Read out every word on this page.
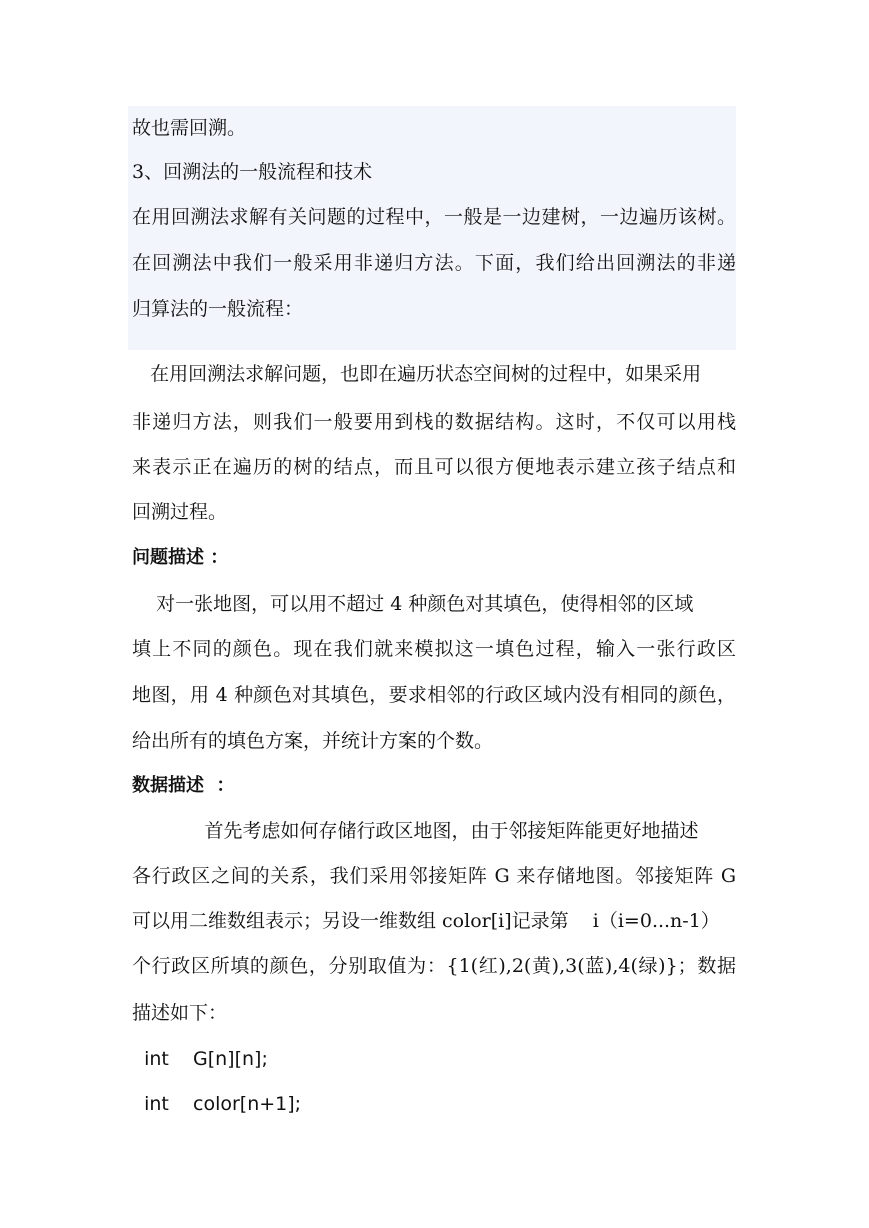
故也需回溯。
3、回溯法的一般流程和技术
在用回溯法求解有关问题的过程中，一般是一边建树，一边遍历该树。
在回溯法中我们一般采用非递归方法。下面，我们给出回溯法的非递
归算法的一般流程：
在用回溯法求解问题，也即在遍历状态空间树的过程中，如果采用
非递归方法，则我们一般要用到栈的数据结构。这时，不仅可以用栈
来表示正在遍历的树的结点，而且可以很方便地表示建立孩子结点和
回溯过程。
问题描述 ：
对一张地图，可以用不超过 4 种颜色对其填色，使得相邻的区域
填上不同的颜色。现在我们就来模拟这一填色过程，输入一张行政区
地图，用 4 种颜色对其填色，要求相邻的行政区域内没有相同的颜色，
给出所有的填色方案，并统计方案的个数。
数据描述  ：
首先考虑如何存储行政区地图，由于邻接矩阵能更好地描述
各行政区之间的关系，我们采用邻接矩阵 G 来存储地图。邻接矩阵 G
可以用二维数组表示；另设一维数组 color[i]记录第    i（i=0...n-1）
个行政区所填的颜色，分别取值为：{1(红),2(黄),3(蓝),4(绿)}；数据
描述如下：
int    G[n][n];
int    color[n+1];
